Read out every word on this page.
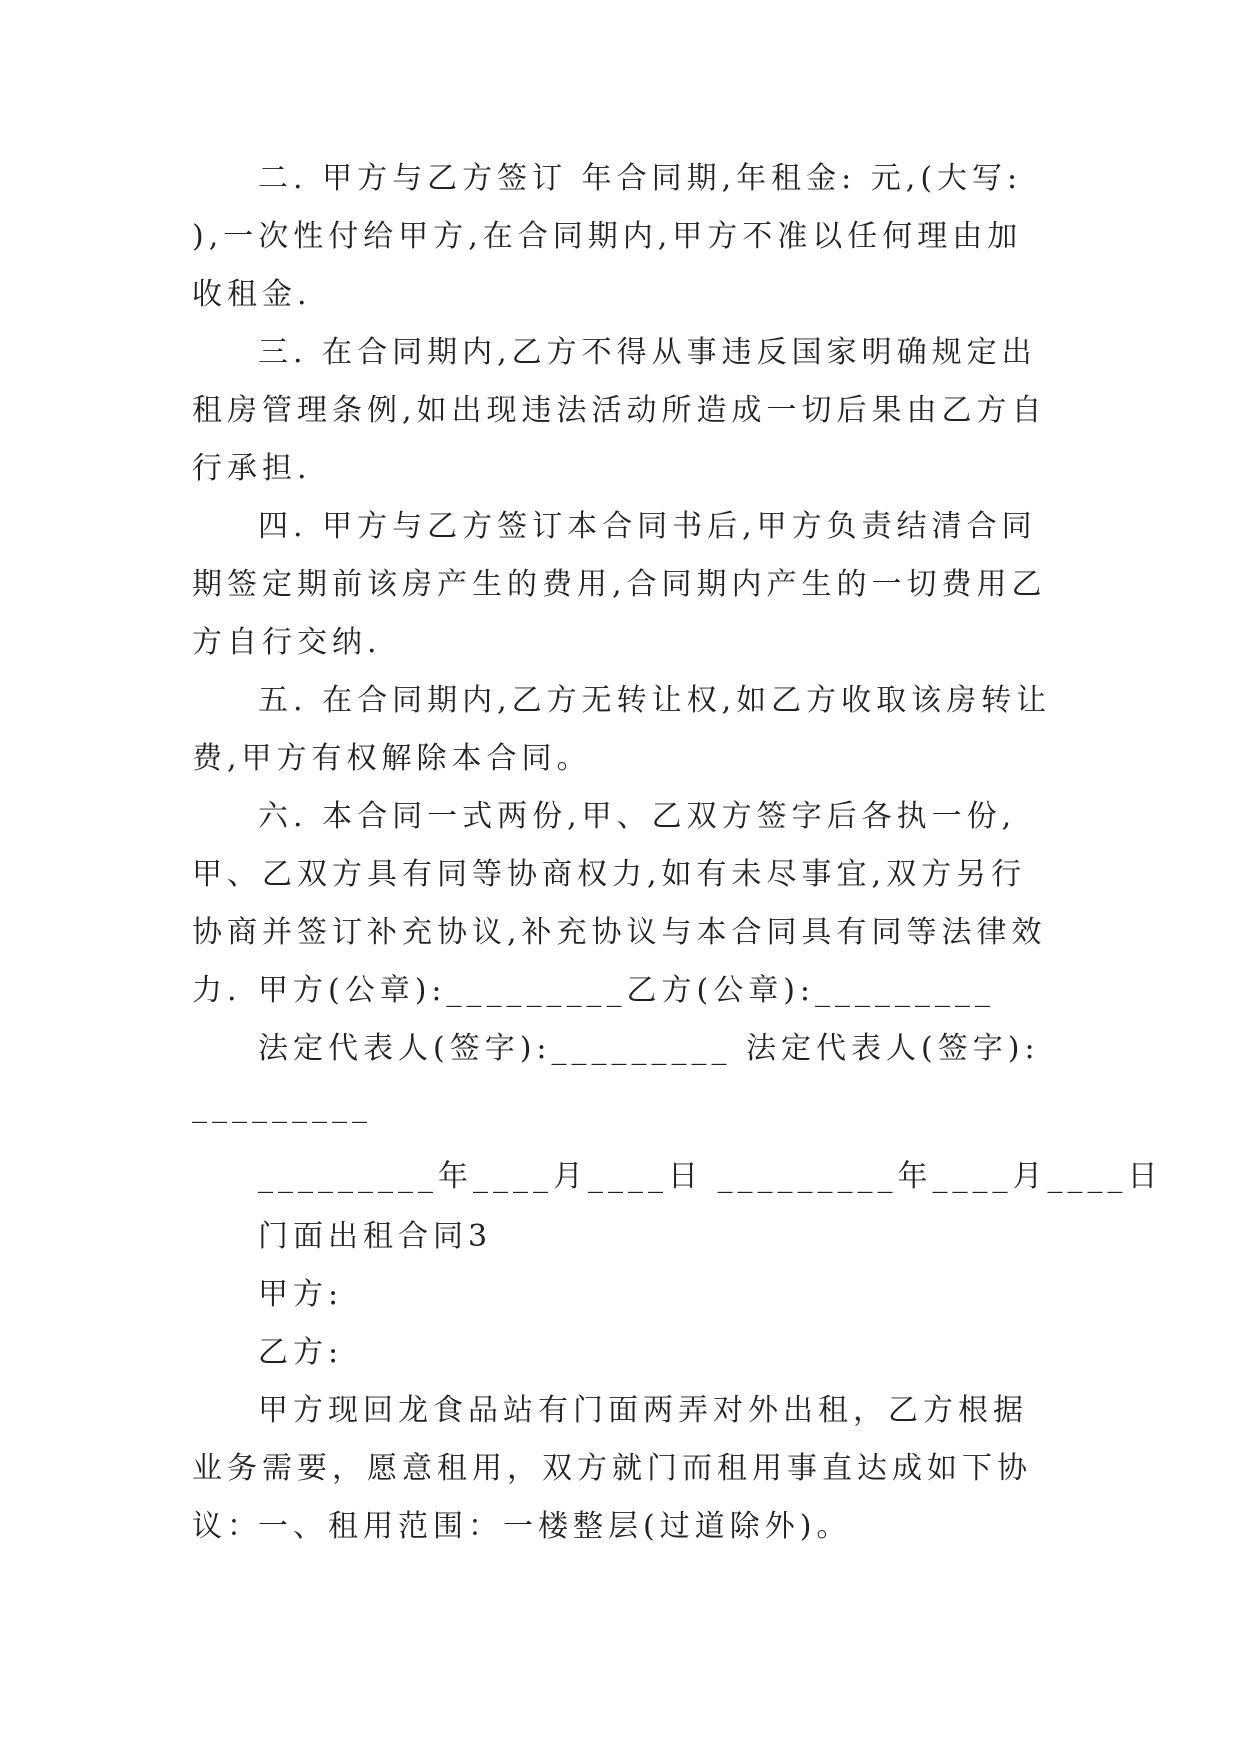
二. 甲方与乙方签订 年合同期,年租金: 元,(大写: ),一次性付给甲方,在合同期内,甲方不准以任何理由加收租金.

三. 在合同期内,乙方不得从事违反国家明确规定出租房管理条例,如出现违法活动所造成一切后果由乙方自行承担.

四. 甲方与乙方签订本合同书后,甲方负责结清合同期签定期前该房产生的费用,合同期内产生的一切费用乙方自行交纳.

五. 在合同期内,乙方无转让权,如乙方收取该房转让费,甲方有权解除本合同。

六. 本合同一式两份,甲、乙双方签字后各执一份,甲、乙双方具有同等协商权力,如有未尽事宜,双方另行协商并签订补充协议,补充协议与本合同具有同等法律效力. 甲方(公章):_________乙方(公章):_________

法定代表人(签字):_________ 法定代表人(签字):

_________

_________年____月____日 _________年____月____日

门面出租合同3

甲方:

乙方:

甲方现回龙食品站有门面两弄对外出租，乙方根据业务需要，愿意租用，双方就门而租用事直达成如下协议：

一、租用范围：一楼整层(过道除外)。
